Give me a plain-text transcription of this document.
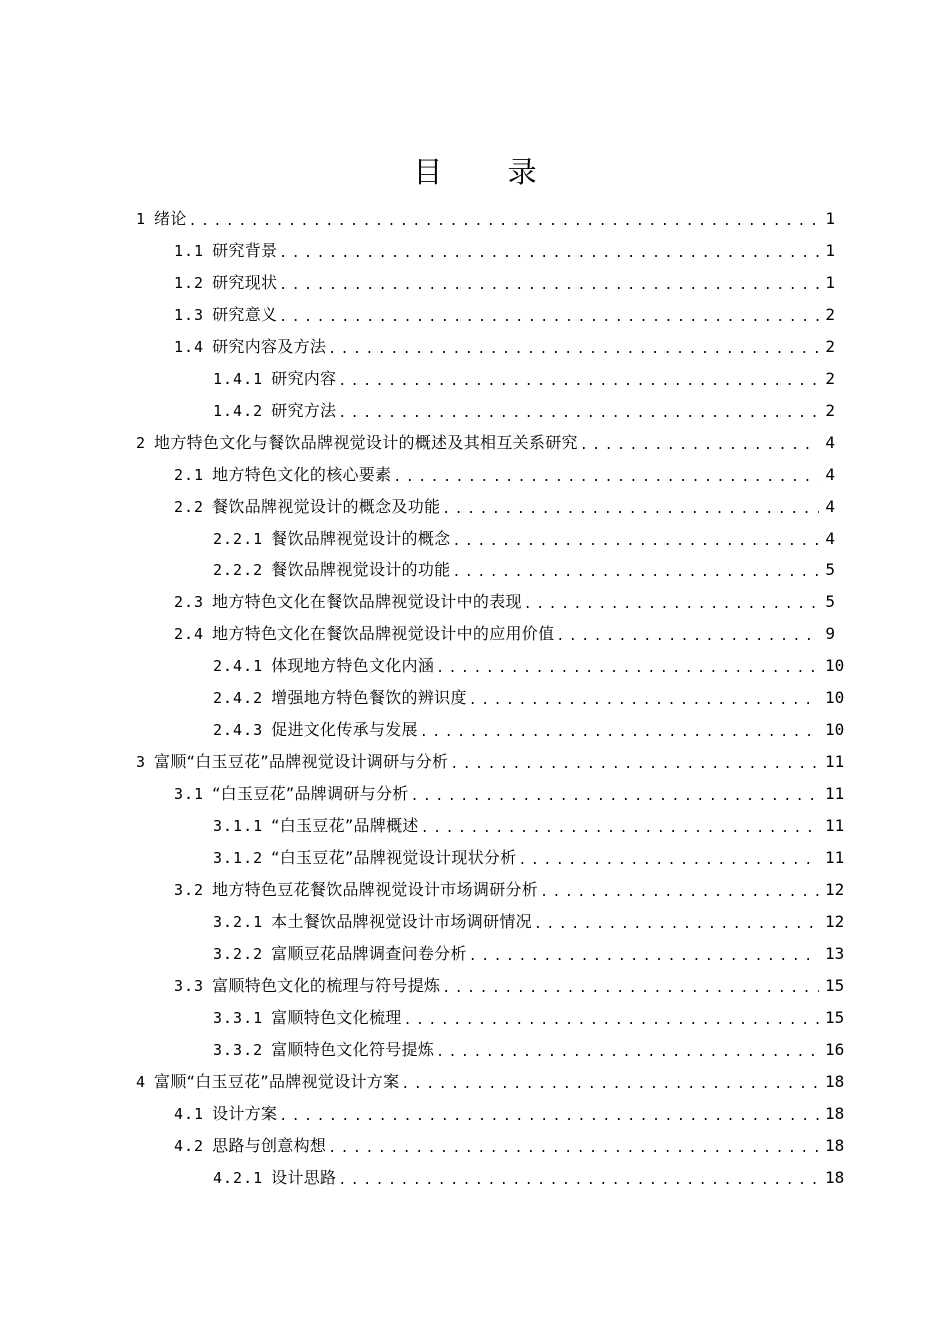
目 录
1 绪论 .....	1
1.1 研究背景 .....	1
1.2 研究现状 .....	1
1.3 研究意义 .....	2
1.4 研究内容及方法 .....	2
1.4.1 研究内容 .....	2
1.4.2 研究方法 .....	2
2 地方特色文化与餐饮品牌视觉设计的概述及其相互关系研究 .....	4
2.1 地方特色文化的核心要素 .....	4
2.2 餐饮品牌视觉设计的概念及功能 .....	4
2.2.1 餐饮品牌视觉设计的概念 .....	4
2.2.2 餐饮品牌视觉设计的功能 .....	5
2.3 地方特色文化在餐饮品牌视觉设计中的表现 .....	5
2.4 地方特色文化在餐饮品牌视觉设计中的应用价值 .....	9
2.4.1 体现地方特色文化内涵 .....	10
2.4.2 增强地方特色餐饮的辨识度 .....	10
2.4.3 促进文化传承与发展 .....	10
3 富顺“白玉豆花”品牌视觉设计调研与分析 .....	11
3.1 “白玉豆花”品牌调研与分析 .....	11
3.1.1 “白玉豆花”品牌概述 .....	11
3.1.2 “白玉豆花”品牌视觉设计现状分析 .....	11
3.2 地方特色豆花餐饮品牌视觉设计市场调研分析 .....	12
3.2.1 本土餐饮品牌视觉设计市场调研情况 .....	12
3.2.2 富顺豆花品牌调查问卷分析 .....	13
3.3 富顺特色文化的梳理与符号提炼 .....	15
3.3.1 富顺特色文化梳理 .....	15
3.3.2 富顺特色文化符号提炼 .....	16
4 富顺“白玉豆花”品牌视觉设计方案 .....	18
4.1 设计方案 .....	18
4.2 思路与创意构想 .....	18
4.2.1 设计思路 .....	18
